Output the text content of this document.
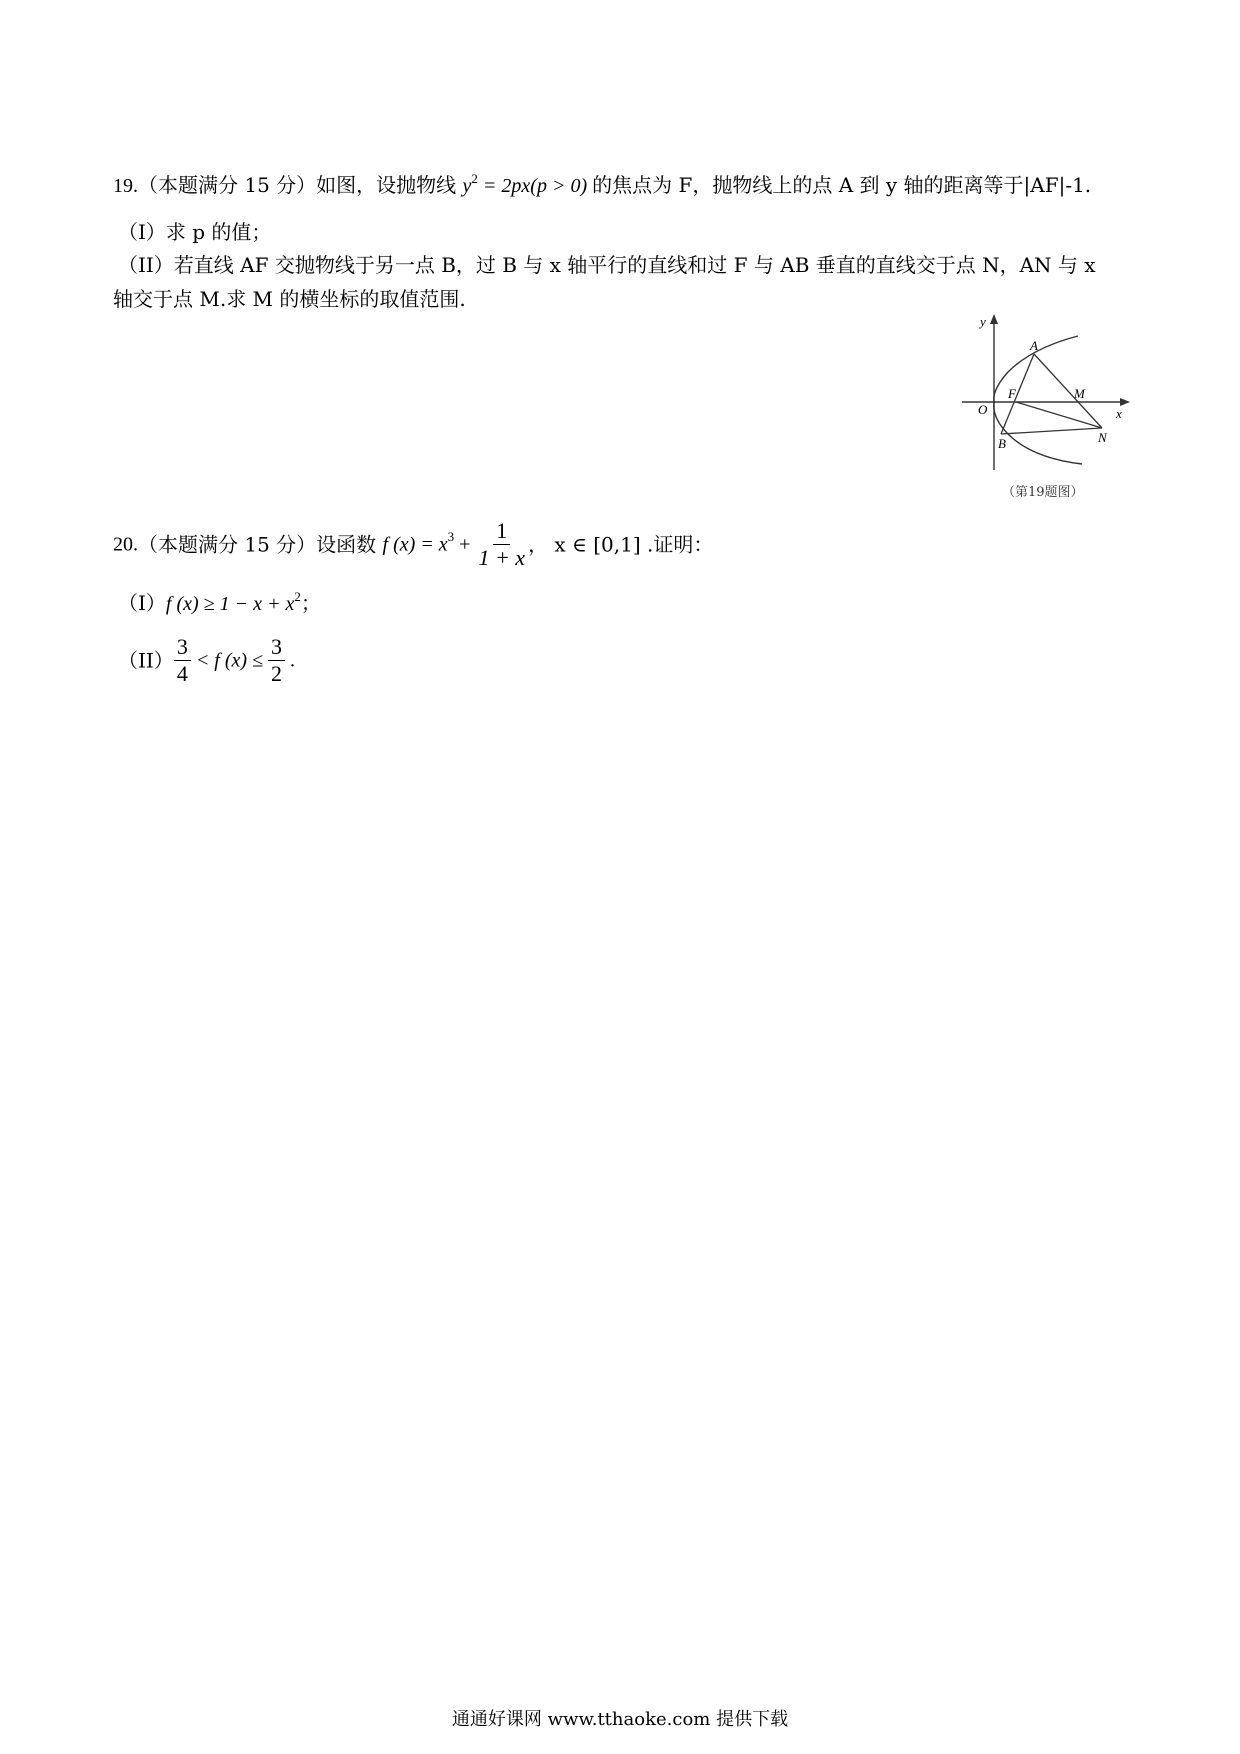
19.（本题满分 15 分）如图，设抛物线 $y^2 = 2px(p > 0)$ 的焦点为 F，抛物线上的点 A 到 y 轴的距离等于|AF|-1.
（I）求 p 的值；
（II）若直线 AF 交抛物线于另一点 B，过 B 与 x 轴平行的直线和过 F 与 AB 垂直的直线交于点 N，AN 与 x
轴交于点 M.求 M 的横坐标的取值范围.
y
x
O
F
A
B
M
N
（第19题图）
20.（本题满分 15 分）设函数 f $(x) = x^3 + \frac{1}{1 + x}$ ， x ∈ [0,1] .证明：
（I）f $(x) \ge 1 - x + x^2$；
$(II) \frac{3}{4} < f$ $(x) \le \frac{3}{2}$ .
通通好课网 www.tthaoke.com 提供下载
